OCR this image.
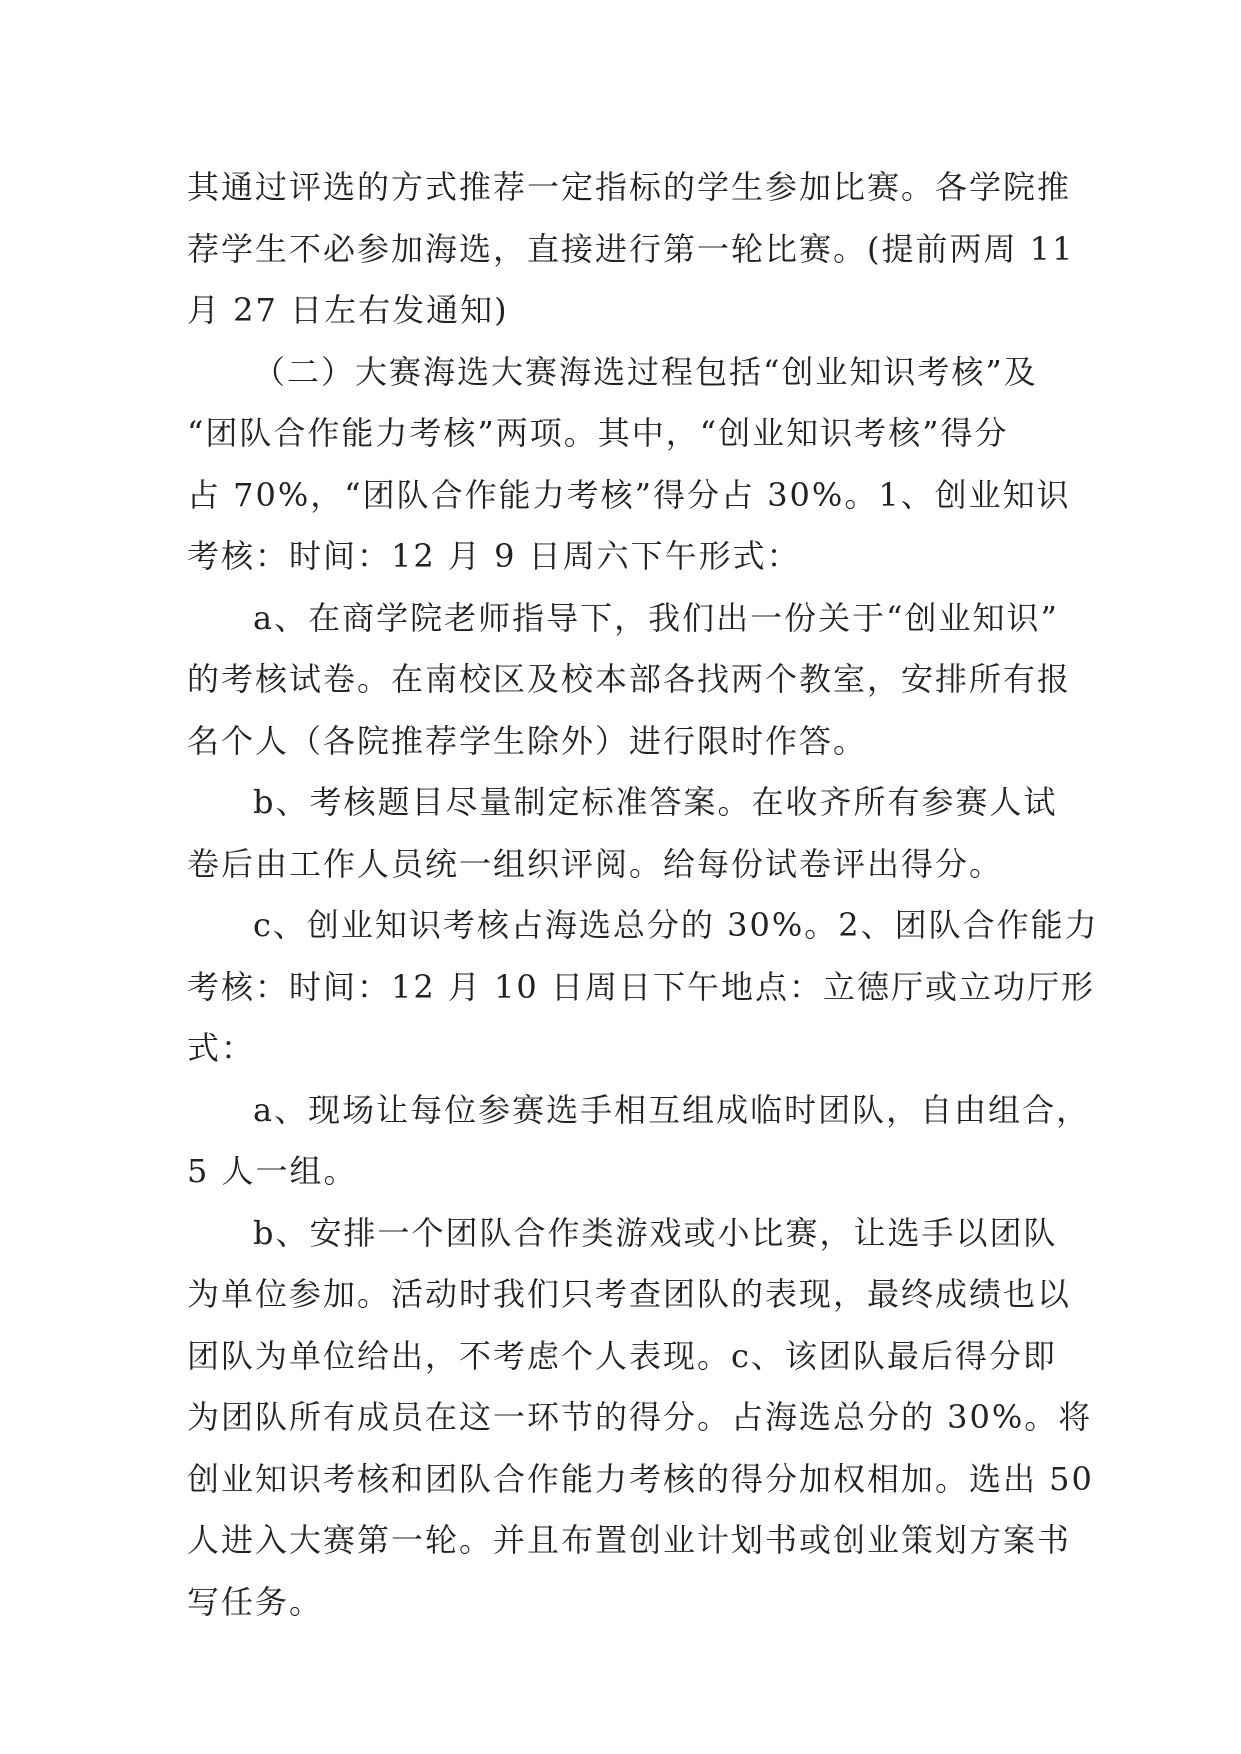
其通过评选的方式推荐一定指标的学生参加比赛。各学院推
荐学生不必参加海选，直接进行第一轮比赛。(提前两周 11
月 27 日左右发通知)
（二）大赛海选大赛海选过程包括“创业知识考核”及
“团队合作能力考核”两项。其中，“创业知识考核”得分
占 70%，“团队合作能力考核”得分占 30%。1、创业知识
考核：时间：12 月 9 日周六下午形式：
a、在商学院老师指导下，我们出一份关于“创业知识”
的考核试卷。在南校区及校本部各找两个教室，安排所有报
名个人（各院推荐学生除外）进行限时作答。
b、考核题目尽量制定标准答案。在收齐所有参赛人试
卷后由工作人员统一组织评阅。给每份试卷评出得分。
c、创业知识考核占海选总分的 30%。2、团队合作能力
考核：时间：12 月 10 日周日下午地点：立德厅或立功厅形
式：
a、现场让每位参赛选手相互组成临时团队，自由组合，
5 人一组。
b、安排一个团队合作类游戏或小比赛，让选手以团队
为单位参加。活动时我们只考查团队的表现，最终成绩也以
团队为单位给出，不考虑个人表现。c、该团队最后得分即
为团队所有成员在这一环节的得分。占海选总分的 30%。将
创业知识考核和团队合作能力考核的得分加权相加。选出 50
人进入大赛第一轮。并且布置创业计划书或创业策划方案书
写任务。
